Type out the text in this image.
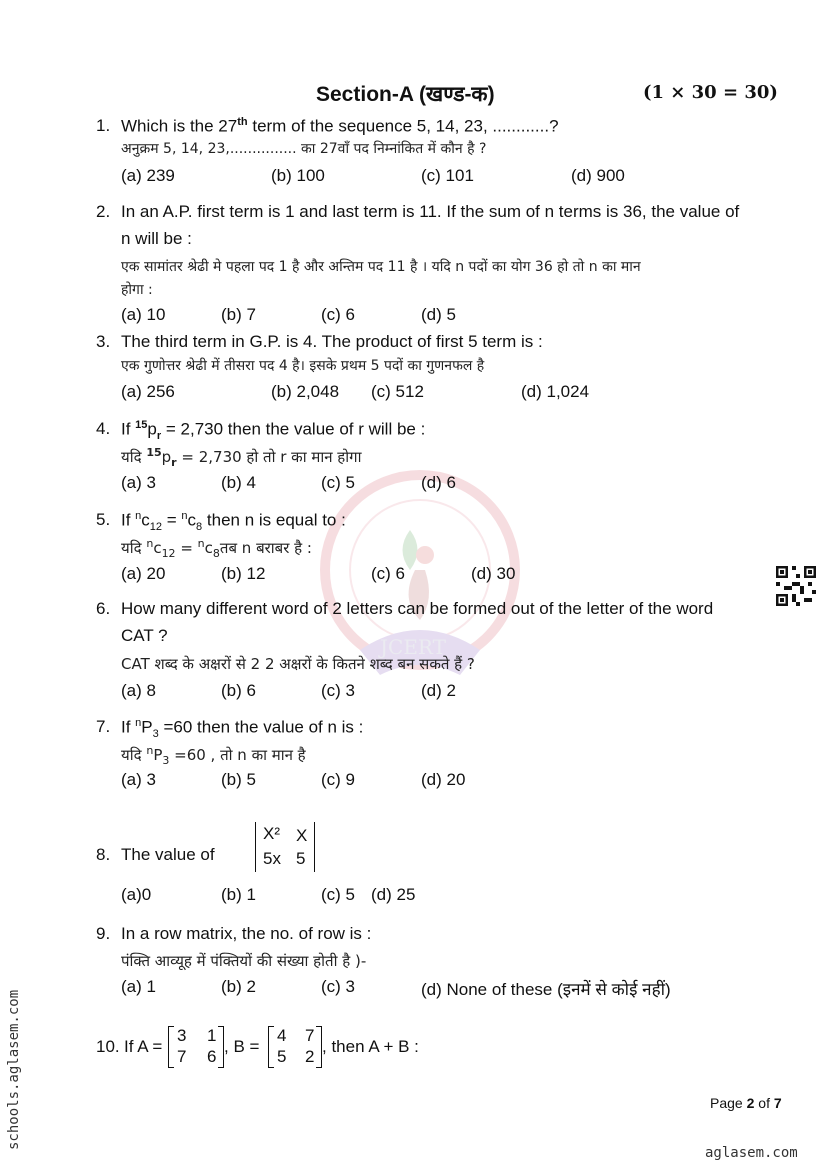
JCERT
Section-A (खण्ड-क)	(1 × 30 = 30)
1. Which is the 27th term of the sequence 5, 14, 23, ............?
अनुक्रम 5, 14, 23,............... का 27वाँ पद निम्नांकित में कौन है ?
(a) 239	(b) 100	(c) 101	(d) 900
2. In an A.P. first term is 1 and last term is 11. If the sum of n terms is 36, the value of
n will be :
एक सामांतर श्रेढी मे पहला पद 1 है और अन्तिम पद 11 है । यदि n पदों का योग 36 हो तो n का मान
होगा :
(a) 10	(b) 7	(c) 6	(d) 5
3. The third term in G.P. is 4. The product of first 5 term is :
एक गुणोत्तर श्रेढी में तीसरा पद 4 है। इसके प्रथम 5 पदों का गुणनफल है
(a) 256	(b) 2,048 (c) 512	(d) 1,024
4. If $^{15}p_r = 2,730$ then the value of r will be :
यदि $^{15}p_r = 2,730$ हो तो r का मान होगा
(a) 3	(b) 4	(c) 5	(d) 6
5. If $^nc_{12} = ^nc_8$ then n is equal to :
यदि $^nc_{12}$ = $^nc_8तब$ n बराबर है :
(a) 20	(b) 12	(c) 6	(d) 30
6. How many different word of 2 letters can be formed out of the letter of the word
CAT ?
CAT शब्द के अक्षरों से 2 2 अक्षरों के कितने शब्द बन सकते हैं ?
(a) 8	(b) 6	(c) 3	(d) 2
7. If $^nP_3 =60$ then the value of n is :
यदि $^nP_3 =60$ , तो n का मान है
(a) 3	(b) 5	(c) 9	(d) 20
8. The value of
X² X
5x 5
(a)0	(b) 1	(c) 5 (d) 25
9. In a row matrix, the no. of row is :
पंक्ति आव्यूह में पंक्तियों की संख्या होती है )-
(a) 1	(b) 2	(c) 3	(d) None of these (इनमें से कोई नहीं)
10. If A =
3 1
7 6
, B =
4 7
5 2
, then A + B :
Page 2 of 7
aglasem.com
schools.aglasem.com
